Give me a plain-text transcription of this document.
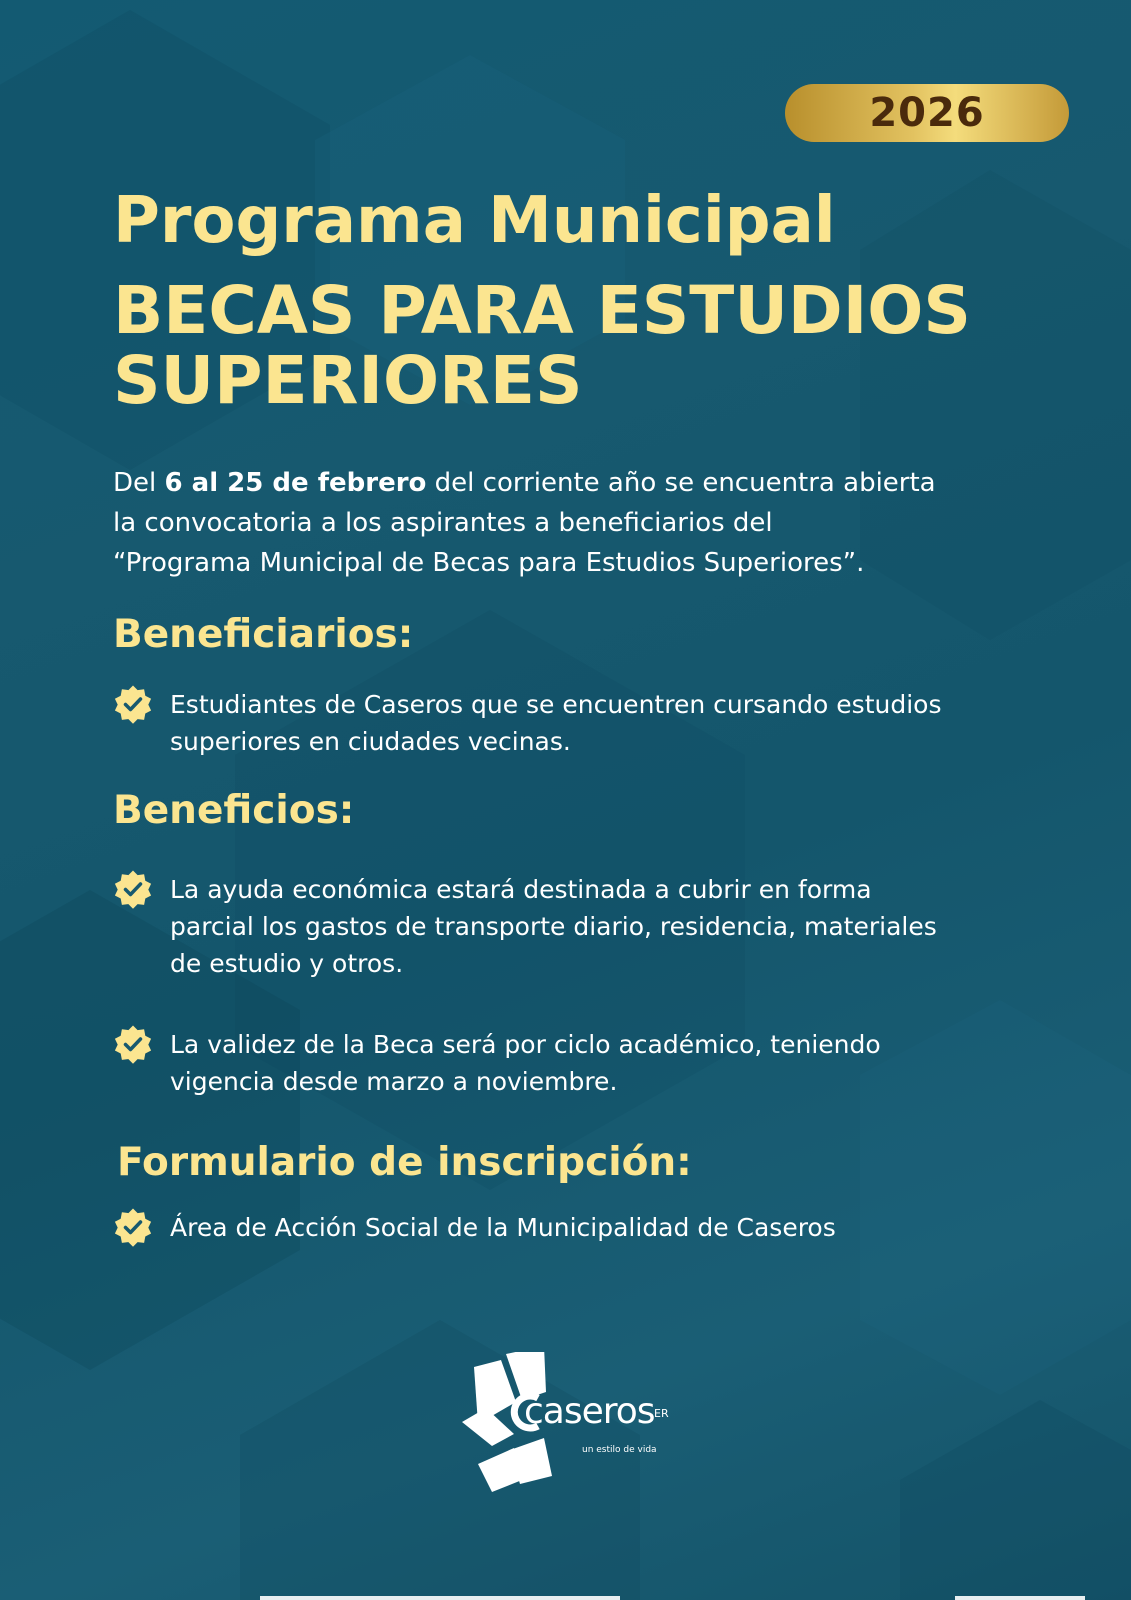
2026
Programa Municipal
BECAS PARA ESTUDIOS
SUPERIORES

Del 6 al 25 de febrero del corriente año se encuentra abierta
la convocatoria a los aspirantes a beneficiarios del
“Programa Municipal de Becas para Estudios Superiores”.

Beneficiarios:
Estudiantes de Caseros que se encuentren cursando estudios
superiores en ciudades vecinas.
Beneficios:
La ayuda económica estará destinada a cubrir en forma
parcial los gastos de transporte diario, residencia, materiales
de estudio y otros.
La validez de la Beca será por ciclo académico, teniendo
vigencia desde marzo a noviembre.
Formulario de inscripción:
Área de Acción Social de la Municipalidad de Caseros
caseros ER
un estilo de vida
